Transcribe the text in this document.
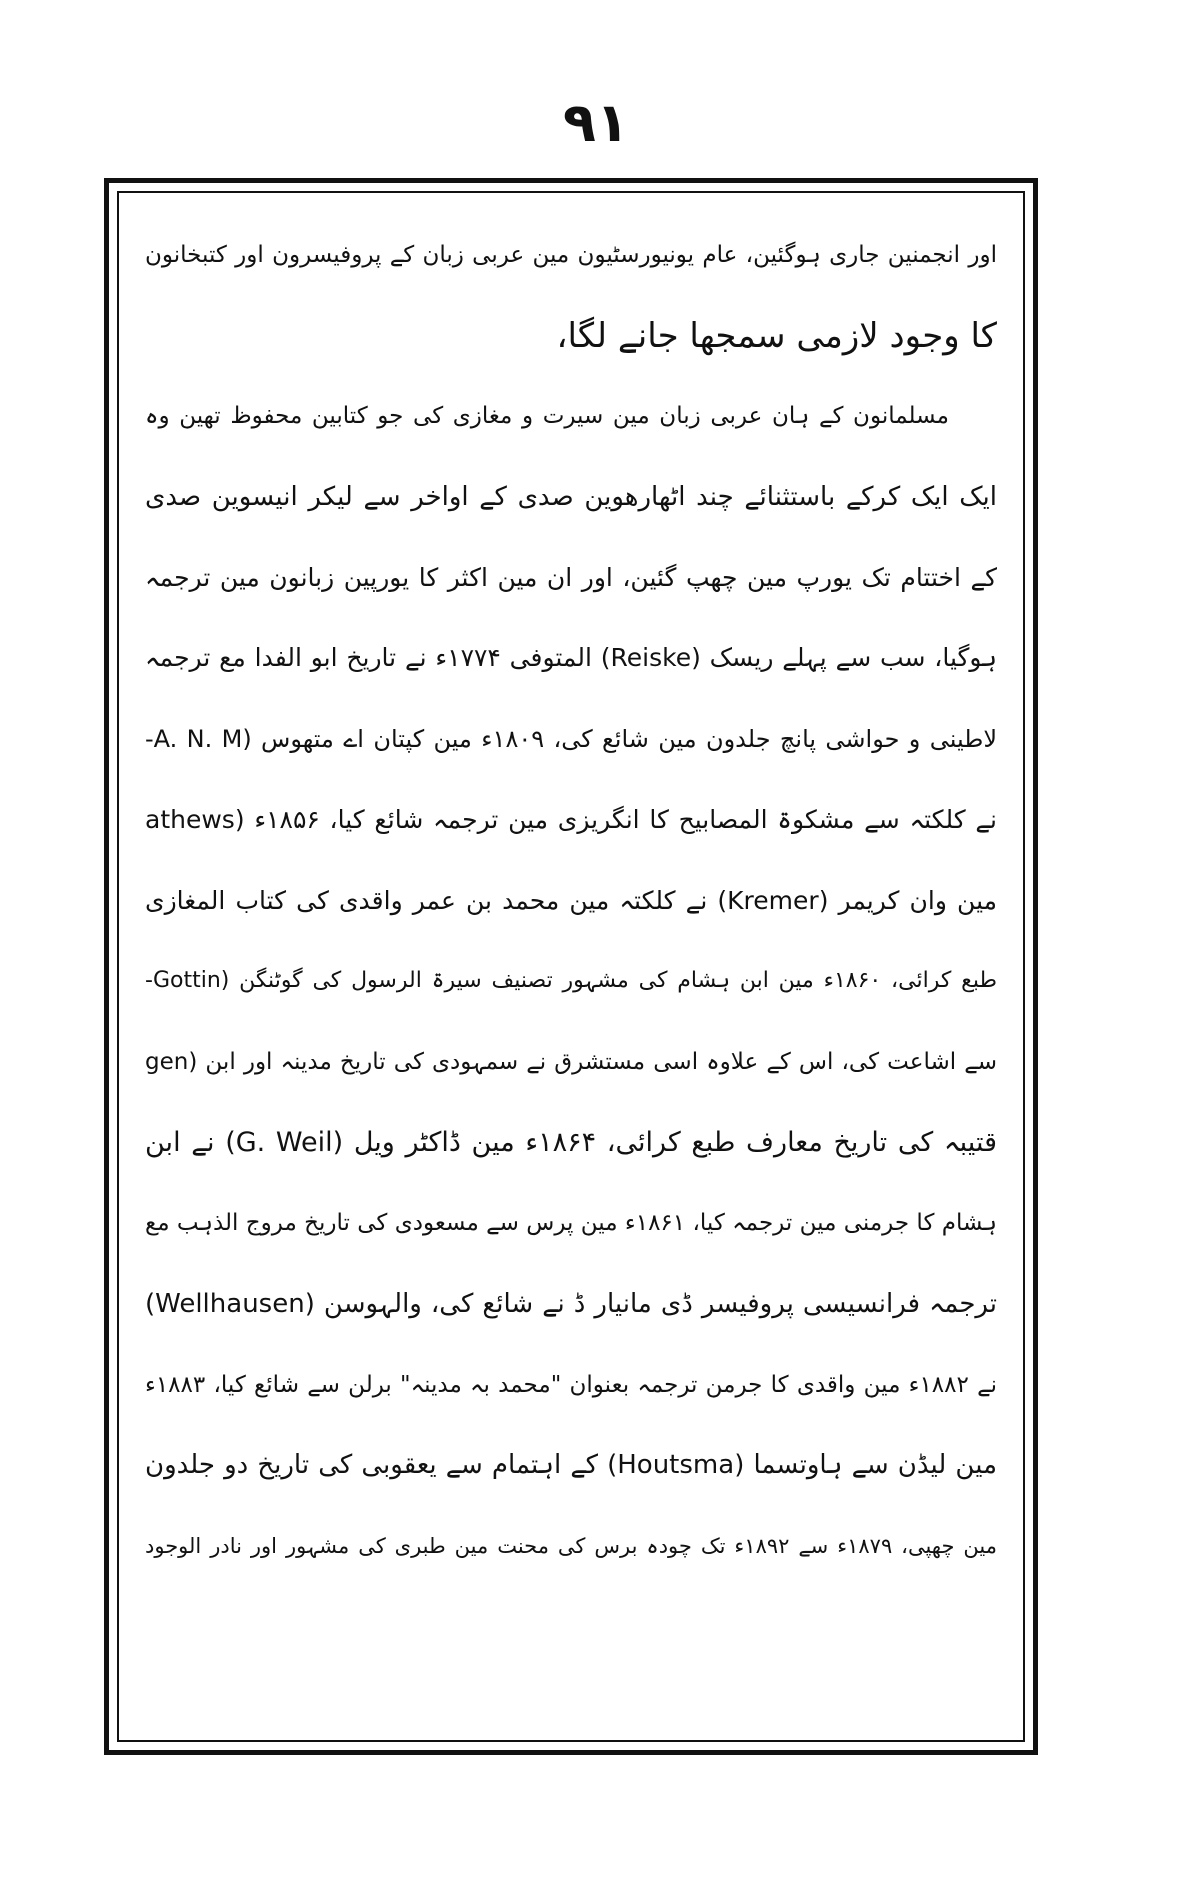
۹۱
اور انجمنین جاری ہوگئین، عام یونیورسٹیون مین عربی زبان کے پروفیسرون اور کتبخانون
کا وجود لازمی سمجھا جانے لگا،
مسلمانون کے ہان عربی زبان مین سیرت و مغازی کی جو کتابین محفوظ تھین وہ
ایک ایک کرکے باستثنائے چند اٹھارھوین صدی کے اواخر سے لیکر انیسوین صدی
کے اختتام تک یورپ مین چھپ گئین، اور ان مین اکثر کا یورپین زبانون مین ترجمہ
ہوگیا، سب سے پہلے ریسک (Reiske) المتوفی ۱۷۷۴ء نے تاریخ ابو الفدا مع ترجمہ
لاطینی و حواشی پانچ جلدون مین شائع کی، ۱۸۰۹ء مین کپتان اے متھوس (A. N. M-
athews) نے کلکتہ سے مشکوۃ المصابیح کا انگریزی مین ترجمہ شائع کیا، ۱۸۵۶ء
مین وان کریمر (Kremer) نے کلکتہ مین محمد بن عمر واقدی کی کتاب المغازی
طبع کرائی، ۱۸۶۰ء مین ابن ہشام کی مشہور تصنیف سیرۃ الرسول کی گوٹنگن (Gottin-
gen) سے اشاعت کی، اس کے علاوہ اسی مستشرق نے سمہودی کی تاریخ مدینہ اور ابن
قتیبہ کی تاریخ معارف طبع کرائی، ۱۸۶۴ء مین ڈاکٹر ویل (G. Weil) نے ابن
ہشام کا جرمنی مین ترجمہ کیا، ۱۸۶۱ء مین پرس سے مسعودی کی تاریخ مروج الذہب مع
ترجمہ فرانسیسی پروفیسر ڈی مانیار ڈ نے شائع کی، والہوسن (Wellhausen)
نے ۱۸۸۲ء مین واقدی کا جرمن ترجمہ بعنوان "محمد بہ مدینہ" برلن سے شائع کیا، ۱۸۸۳ء
مین لیڈن سے ہاوتسما (Houtsma) کے اہتمام سے یعقوبی کی تاریخ دو جلدون
مین چھپی، ۱۸۷۹ء سے ۱۸۹۲ء تک چودہ برس کی محنت مین طبری کی مشہور اور نادر الوجود
